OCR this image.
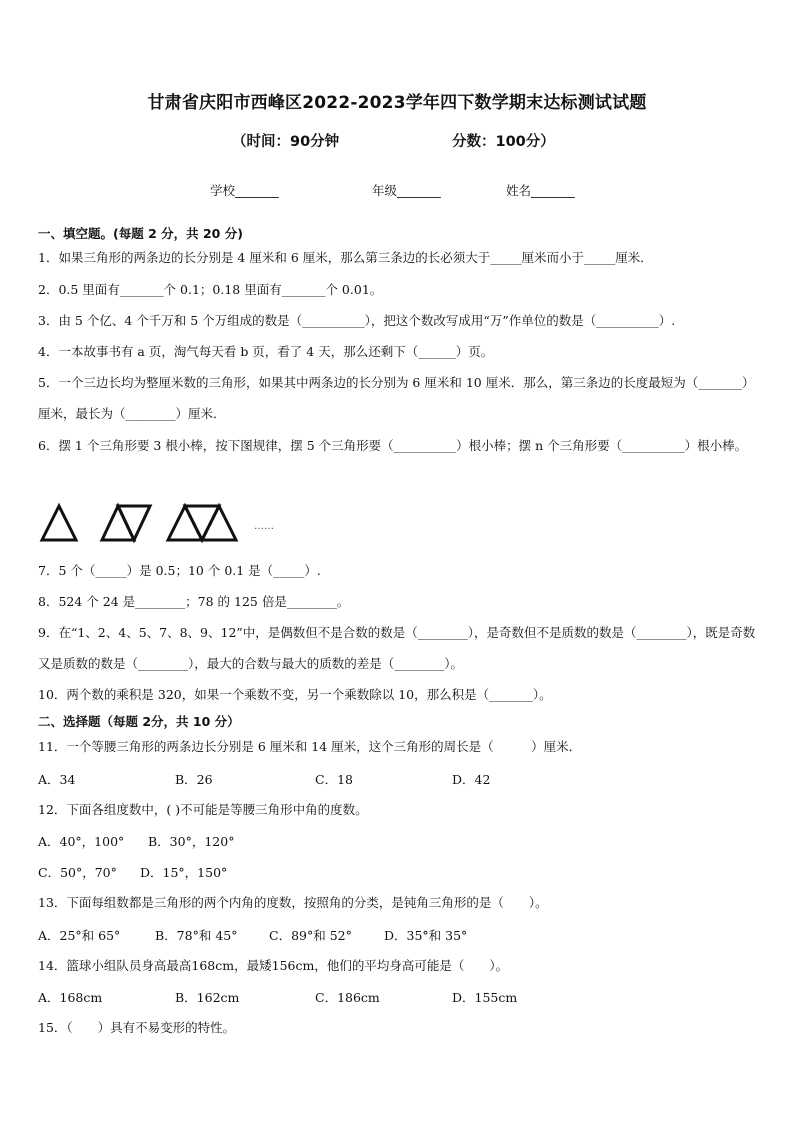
甘肃省庆阳市西峰区2022-2023学年四下数学期末达标测试试题
（时间：90分钟	分数：100分）
学校_______	年级_______	姓名_______
一、填空题。(每题 2 分，共 20 分)
1．如果三角形的两条边的长分别是 4 厘米和 6 厘米，那么第三条边的长必须大于_____厘米而小于_____厘米．
2．0.5 里面有_______个 0.1；0.18 里面有_______个 0.01。
3．由 5 个亿、4 个千万和 5 个万组成的数是（__________），把这个数改写成用“万”作单位的数是（__________）.
4．一本故事书有 a 页，淘气每天看 b 页，看了 4 天，那么还剩下（______）页。
5．一个三边长均为整厘米数的三角形，如果其中两条边的长分别为 6 厘米和 10 厘米．那么，第三条边的长度最短为（_______）厘米，最长为（________）厘米．
6．摆 1 个三角形要 3 根小棒，按下图规律，摆 5 个三角形要（__________）根小棒；摆 n 个三角形要（__________）根小棒。
……
7．5 个（_____）是 0.5；10 个 0.1 是（_____）.
8．524 个 24 是________；78 的 125 倍是________。
9．在“1、2、4、5、7、8、9、12”中，是偶数但不是合数的数是（________），是奇数但不是质数的数是（________），既是奇数又是质数的数是（________），最大的合数与最大的质数的差是（________）。
10．两个数的乘积是 320，如果一个乘数不变，另一个乘数除以 10，那么积是（_______）。
二、选择题（每题 2分，共 10 分）
11．一个等腰三角形的两条边长分别是 6 厘米和 14 厘米，这个三角形的周长是（　　　）厘米．
A．34	B．26	C．18	D．42
12．下面各组度数中，( )不可能是等腰三角形中角的度数。
A．40°，100° B．30°，120°
C．50°，70° D．15°，150°
13．下面每组数都是三角形的两个内角的度数，按照角的分类，是钝角三角形的是（　　）。
A．25°和 65°	B．78°和 45°	C．89°和 52°	D．35°和 35°
14．篮球小组队员身高最高168cm，最矮156cm，他们的平均身高可能是（　　）。
A．168cm	B．162cm	C．186cm	D．155cm
15．（　　）具有不易变形的特性。
